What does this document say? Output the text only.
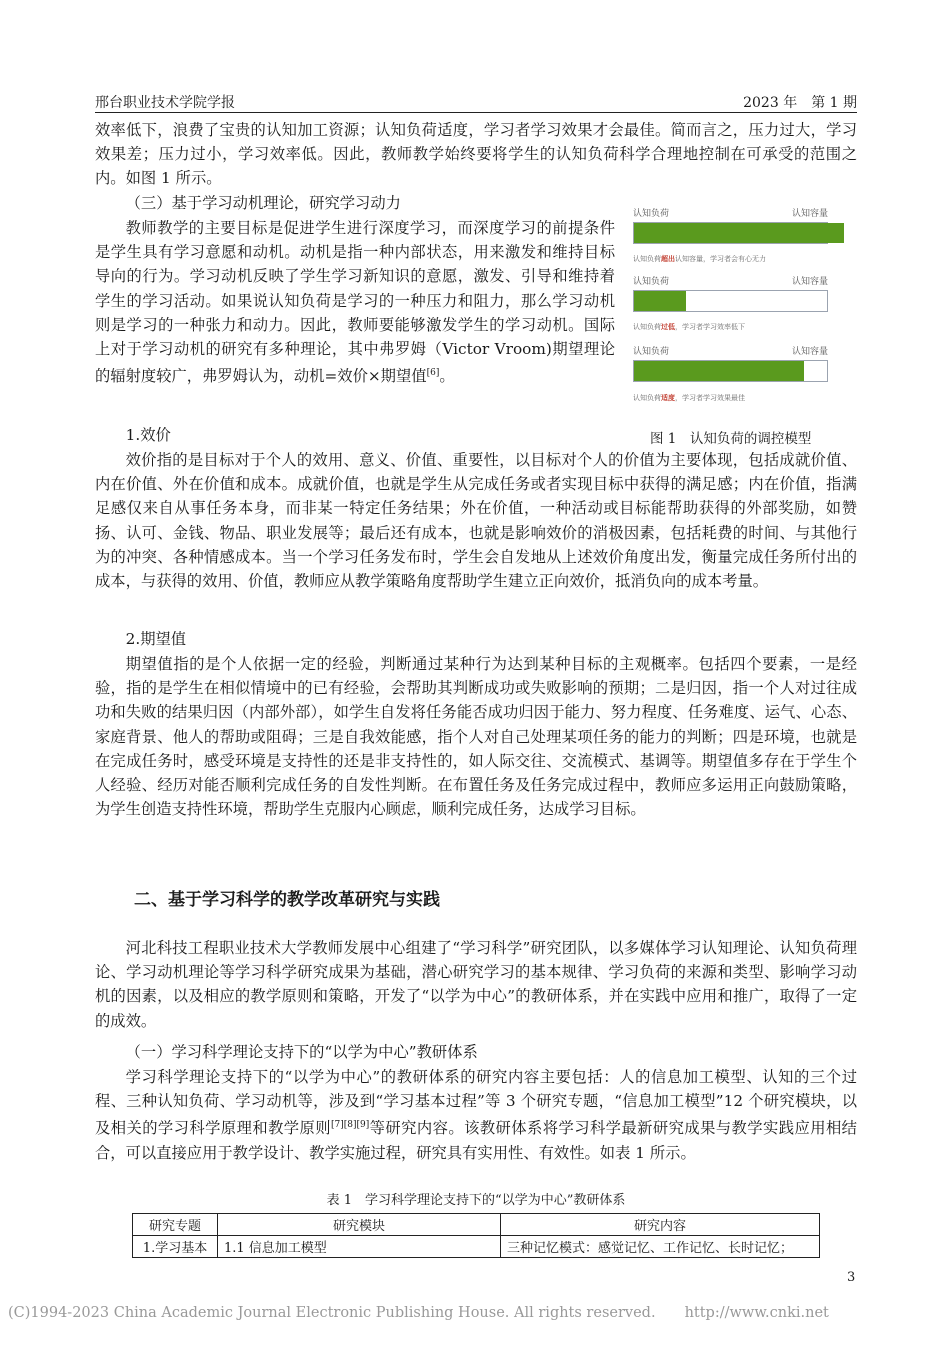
邢台职业技术学院学报	2023 年　第 1 期

效率低下，浪费了宝贵的认知加工资源；认知负荷适度，学习者学习效果才会最佳。简而言之，压力过大，学习效果差；压力过小，学习效率低。因此，教师教学始终要将学生的认知负荷科学合理地控制在可承受的范围之内。如图 1 所示。

（三）基于学习动机理论，研究学习动力

教师教学的主要目标是促进学生进行深度学习，而深度学习的前提条件是学生具有学习意愿和动机。动机是指一种内部状态，用来激发和维持目标导向的行为。学习动机反映了学生学习新知识的意愿，激发、引导和维持着学生的学习活动。如果说认知负荷是学习的一种压力和阻力，那么学习动机则是学习的一种张力和动力。因此，教师要能够激发学生的学习动机。国际上对于学习动机的研究有多种理论，其中弗罗姆（Victor Vroom)期望理论的辐射度较广，弗罗姆认为，动机=效价×期望值[6]。

1.效价

效价指的是目标对于个人的效用、意义、价值、重要性，以目标对个人的价值为主要体现，包括成就价值、内在价值、外在价值和成本。成就价值，也就是学生从完成任务或者实现目标中获得的满足感；内在价值，指满足感仅来自从事任务本身，而非某一特定任务结果；外在价值，一种活动或目标能帮助获得的外部奖励，如赞扬、认可、金钱、物品、职业发展等；最后还有成本，也就是影响效价的消极因素，包括耗费的时间、与其他行为的冲突、各种情感成本。当一个学习任务发布时，学生会自发地从上述效价角度出发，衡量完成任务所付出的成本，与获得的效用、价值，教师应从教学策略角度帮助学生建立正向效价，抵消负向的成本考量。

2.期望值

期望值指的是个人依据一定的经验，判断通过某种行为达到某种目标的主观概率。包括四个要素，一是经验，指的是学生在相似情境中的已有经验，会帮助其判断成功或失败影响的预期；二是归因，指一个人对过往成功和失败的结果归因（内部外部），如学生自发将任务能否成功归因于能力、努力程度、任务难度、运气、心态、家庭背景、他人的帮助或阻碍；三是自我效能感，指个人对自己处理某项任务的能力的判断；四是环境，也就是在完成任务时，感受环境是支持性的还是非支持性的，如人际交往、交流模式、基调等。期望值多存在于学生个人经验、经历对能否顺利完成任务的自发性判断。在布置任务及任务完成过程中，教师应多运用正向鼓励策略，为学生创造支持性环境，帮助学生克服内心顾虑，顺利完成任务，达成学习目标。

二、基于学习科学的教学改革研究与实践

河北科技工程职业技术大学教师发展中心组建了“学习科学”研究团队，以多媒体学习认知理论、认知负荷理论、学习动机理论等学习科学研究成果为基础，潜心研究学习的基本规律、学习负荷的来源和类型、影响学习动机的因素，以及相应的教学原则和策略，开发了“以学为中心”的教研体系，并在实践中应用和推广，取得了一定的成效。

（一）学习科学理论支持下的“以学为中心”教研体系

学习科学理论支持下的“以学为中心”的教研体系的研究内容主要包括：人的信息加工模型、认知的三个过程、三种认知负荷、学习动机等，涉及到“学习基本过程”等 3 个研究专题，“信息加工模型”12 个研究模块，以及相关的学习科学原理和教学原则[7][8][9]等研究内容。该教研体系将学习科学最新研究成果与教学实践应用相结合，可以直接应用于教学设计、教学实施过程，研究具有实用性、有效性。如表 1 所示。

认知负荷	认知容量
认知负荷超出认知容量，学习者会有心无力
认知负荷	认知容量
认知负荷过低，学习者学习效率低下
认知负荷	认知容量
认知负荷适度，学习者学习效果最佳
图 1　认知负荷的调控模型
表 1　学习科学理论支持下的“以学为中心”教研体系
研究专题	研究模块	研究内容
1.学习基本	1.1 信息加工模型	三种记忆模式：感觉记忆、工作记忆、长时记忆；
3
(C)1994-2023 China Academic Journal Electronic Publishing House. All rights reserved.　　http://www.cnki.net
